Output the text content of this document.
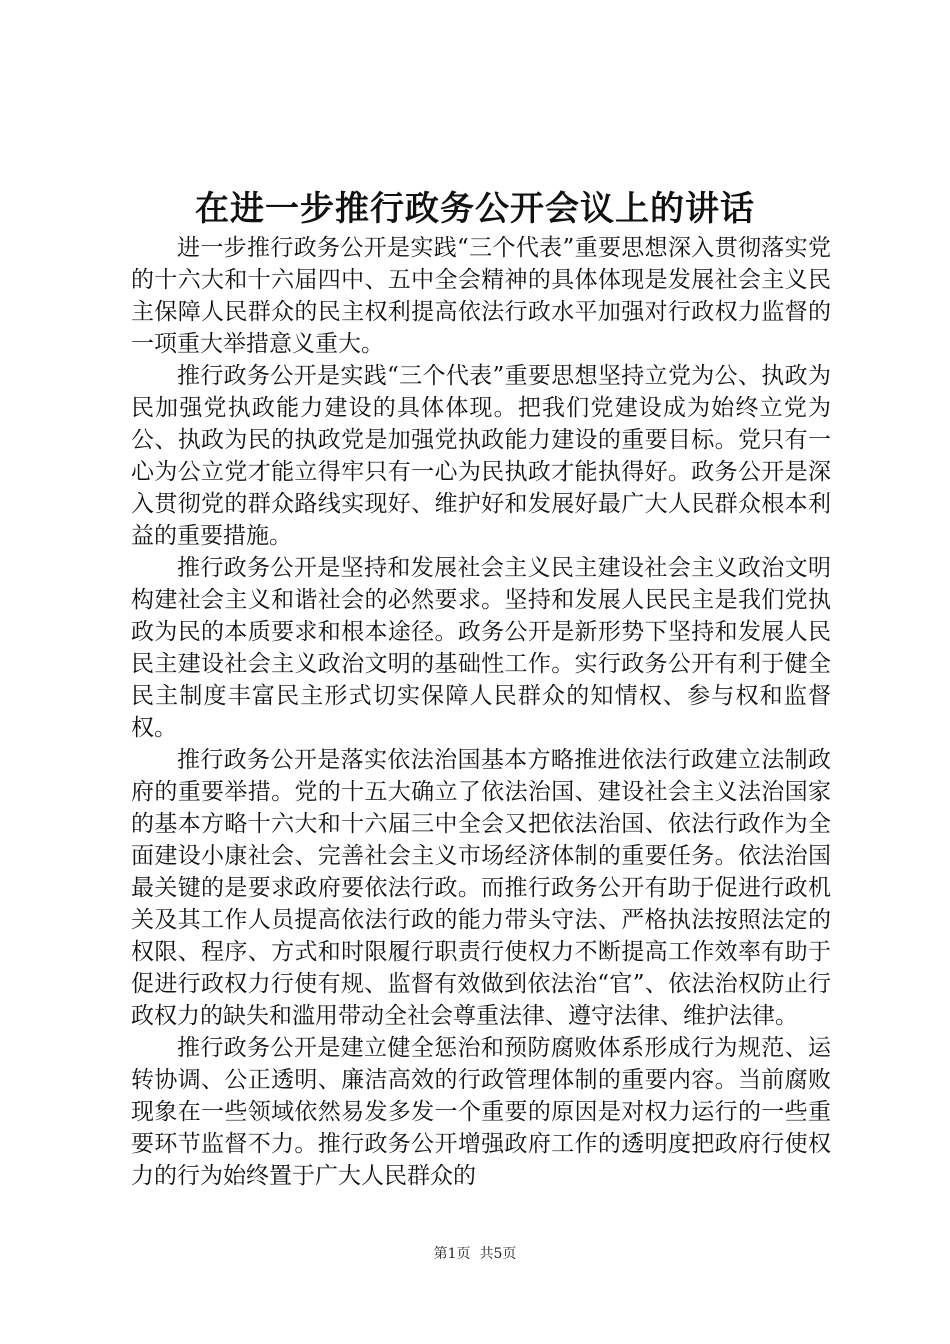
在进一步推行政务公开会议上的讲话

进一步推行政务公开是实践“三个代表”重要思想深入贯彻落实党的十六大和十六届四中、五中全会精神的具体体现是发展社会主义民主保障人民群众的民主权利提高依法行政水平加强对行政权力监督的一项重大举措意义重大。

推行政务公开是实践“三个代表”重要思想坚持立党为公、执政为民加强党执政能力建设的具体体现。把我们党建设成为始终立党为公、执政为民的执政党是加强党执政能力建设的重要目标。党只有一心为公立党才能立得牢只有一心为民执政才能执得好。政务公开是深入贯彻党的群众路线实现好、维护好和发展好最广大人民群众根本利益的重要措施。

推行政务公开是坚持和发展社会主义民主建设社会主义政治文明构建社会主义和谐社会的必然要求。坚持和发展人民民主是我们党执政为民的本质要求和根本途径。政务公开是新形势下坚持和发展人民民主建设社会主义政治文明的基础性工作。实行政务公开有利于健全民主制度丰富民主形式切实保障人民群众的知情权、参与权和监督权。

推行政务公开是落实依法治国基本方略推进依法行政建立法制政府的重要举措。党的十五大确立了依法治国、建设社会主义法治国家的基本方略十六大和十六届三中全会又把依法治国、依法行政作为全面建设小康社会、完善社会主义市场经济体制的重要任务。依法治国最关键的是要求政府要依法行政。而推行政务公开有助于促进行政机关及其工作人员提高依法行政的能力带头守法、严格执法按照法定的权限、程序、方式和时限履行职责行使权力不断提高工作效率有助于促进行政权力行使有规、监督有效做到依法治“官”、依法治权防止行政权力的缺失和滥用带动全社会尊重法律、遵守法律、维护法律。

推行政务公开是建立健全惩治和预防腐败体系形成行为规范、运转协调、公正透明、廉洁高效的行政管理体制的重要内容。当前腐败现象在一些领域依然易发多发一个重要的原因是对权力运行的一些重要环节监督不力。推行政务公开增强政府工作的透明度把政府行使权力的行为始终置于广大人民群众的

第1页 共5页
